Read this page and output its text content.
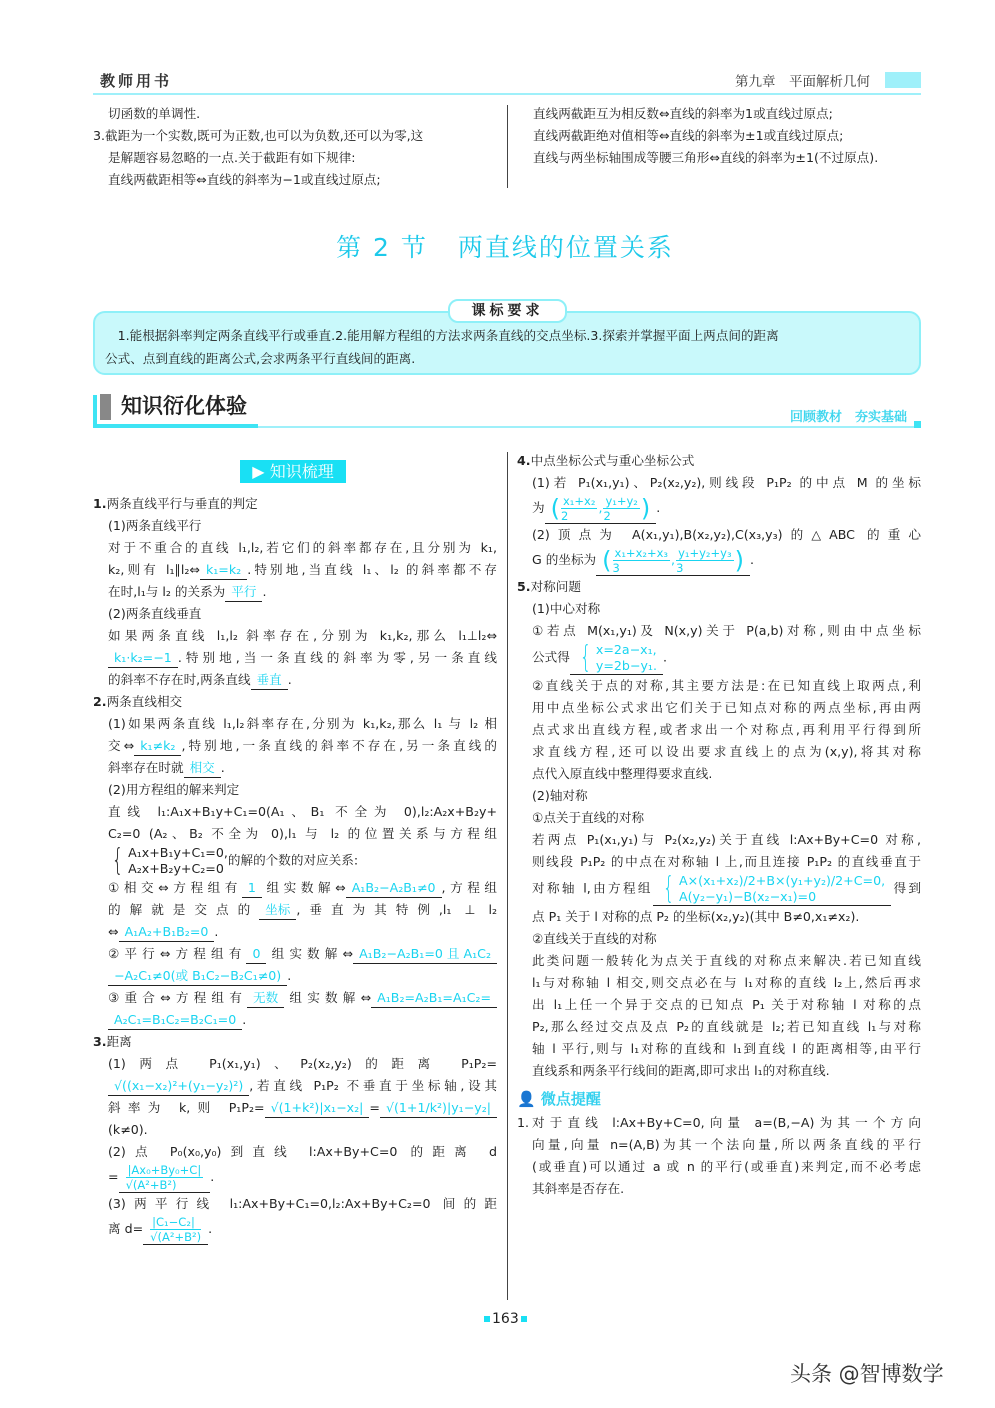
教师用书	第九章　平面解析几何
切函数的单调性.
3.截距为一个实数,既可为正数,也可以为负数,还可以为零,这
是解题容易忽略的一点.关于截距有如下规律:
直线两截距相等⇔直线的斜率为−1或直线过原点;
直线两截距互为相反数⇔直线的斜率为1或直线过原点;
直线两截距绝对值相等⇔直线的斜率为±1或直线过原点;
直线与两坐标轴围成等腰三角形⇔直线的斜率为±1(不过原点).
第 2 节 两直线的位置关系
课标要求
　1.能根据斜率判定两条直线平行或垂直.2.能用解方程组的方法求两条直线的交点坐标.3.探索并掌握平面上两点间的距离
公式、点到直线的距离公式,会求两条平行直线间的距离.
知识衍化体验	回顾教材　夯实基础
▶ 知识梳理
1.两条直线平行与垂直的判定
(1)两条直线平行
对于不重合的直线 l₁,l₂,若它们的斜率都存在,且分别为 k₁,
k₂,则有 l₁∥l₂⇔ k₁=k₂ .特别地,当直线 l₁、l₂ 的斜率都不存
在时,l₁与 l₂ 的关系为 平行 .
(2)两条直线垂直
如果两条直线 l₁,l₂ 斜率存在,分别为 k₁,k₂,那么 l₁⊥l₂⇔
k₁·k₂=−1 .特别地,当一条直线的斜率为零,另一条直线
的斜率不存在时,两条直线 垂直 .
2.两条直线相交
(1)如果两条直线 l₁,l₂斜率存在,分别为 k₁,k₂,那么 l₁ 与 l₂ 相
交⇔ k₁≠k₂ ,特别地,一条直线的斜率不存在,另一条直线的
斜率存在时就 相交 .
(2)用方程组的解来判定
直线 l₁:A₁x+B₁y+C₁=0(A₁、B₁ 不全为 0),l₂:A₂x+B₂y+
C₂=0 (A₂、B₂ 不全为 0),l₁ 与 l₂ 的位置关系与方程组
{ A₁x+B₁y+C₁=0,
A₂x+B₂y+C₂=0
的解的个数的对应关系:
①相交⇔方程组有 1 组实数解⇔ A₁B₂−A₂B₁≠0 ,方程组
的解就是交点的 坐标 ,垂直为其特例,l₁ ⊥ l₂
⇔ A₁A₂+B₁B₂=0 .
②平行⇔方程组有 0 组实数解⇔ A₁B₂−A₂B₁=0 且 A₁C₂
−A₂C₁≠0(或 B₁C₂−B₂C₁≠0) .
③重合⇔方程组有 无数 组实数解⇔ A₁B₂=A₂B₁=A₁C₂=
A₂C₁=B₁C₂=B₂C₁=0 .
3.距离
(1)两点 P₁(x₁,y₁)、P₂(x₂,y₂)的距离 P₁P₂=
√((x₁−x₂)²+(y₁−y₂)²) ,若直线 P₁P₂ 不垂直于坐标轴,设其
斜率为 k,则 P₁P₂= √(1+k²)|x₁−x₂| = √(1+1/k²)|y₁−y₂|
(k≠0).
(2)点 P₀(x₀,y₀)到直线 l:Ax+By+C=0 的距离 d
= $\frac{\text{|Ax₀+By₀+C|}}{\text{√(A²+B²)}}$ .
(3)两平行线 l₁:Ax+By+C₁=0,l₂:Ax+By+C₂=0 间的距
离 $d= \frac{\text{|C₁−C₂|}}{\text{√(A²+B²)}}$ .
4.中点坐标公式与重心坐标公式
(1)若 P₁(x₁,y₁)、P₂(x₂,y₂),则线段 P₁P₂ 的中点 M 的坐标
为 ( $\frac{\text{x₁+x₂}}{2}$ , $\frac{\text{y₁+y₂}}{2}$ ) .
(2)顶点为 A(x₁,y₁),B(x₂,y₂),C(x₃,y₃)的△ABC 的重心
G 的坐标为 ( $\frac{\text{x₁+x₂+x₃}}{3}$ , $\frac{\text{y₁+y₂+y₃}}{3}$ ) .
5.对称问题
(1)中心对称
①若点 M(x₁,y₁)及 N(x,y)关于 P(a,b)对称,则由中点坐标
公式得 { x=2a−x₁,
y=2b−y₁.
.
②直线关于点的对称,其主要方法是:在已知直线上取两点,利
用中点坐标公式求出它们关于已知点对称的两点坐标,再由两
点式求出直线方程,或者求出一个对称点,再利用平行得到所
求直线方程,还可以设出要求直线上的点为(x,y),将其对称
点代入原直线中整理得要求直线.
(2)轴对称
①点关于直线的对称
若两点 P₁(x₁,y₁)与 P₂(x₂,y₂)关于直线 l:Ax+By+C=0 对称,
则线段 P₁P₂ 的中点在对称轴 l 上,而且连接 P₁P₂ 的直线垂直于
对称轴 l,由方程组 { A×(x₁+x₂)/2+B×(y₁+y₂)/2+C=0,
A(y₂−y₁)−B(x₂−x₁)=0
得到
点 P₁ 关于 l 对称的点 P₂ 的坐标(x₂,y₂)(其中 B≠0,x₁≠x₂).
②直线关于直线的对称
此类问题一般转化为点关于直线的对称点来解决.若已知直线
l₁与对称轴 l 相交,则交点必在与 l₁对称的直线 l₂上,然后再求
出 l₁上任一个异于交点的已知点 P₁ 关于对称轴 l 对称的点
P₂,那么经过交点及点 P₂的直线就是 l₂;若已知直线 l₁与对称
轴 l 平行,则与 l₁对称的直线和 l₁到直线 l 的距离相等,由平行
直线系和两条平行线间的距离,即可求出 l₁的对称直线.
👤 微点提醒
1. 对于直线 l:Ax+By+C=0,向量 a=(B,−A)为其一个方向
向量,向量 n=(A,B)为其一个法向量,所以两条直线的平行
(或垂直)可以通过 a 或 n 的平行(或垂直)来判定,而不必考虑
其斜率是否存在.
163
头条 @智博数学
